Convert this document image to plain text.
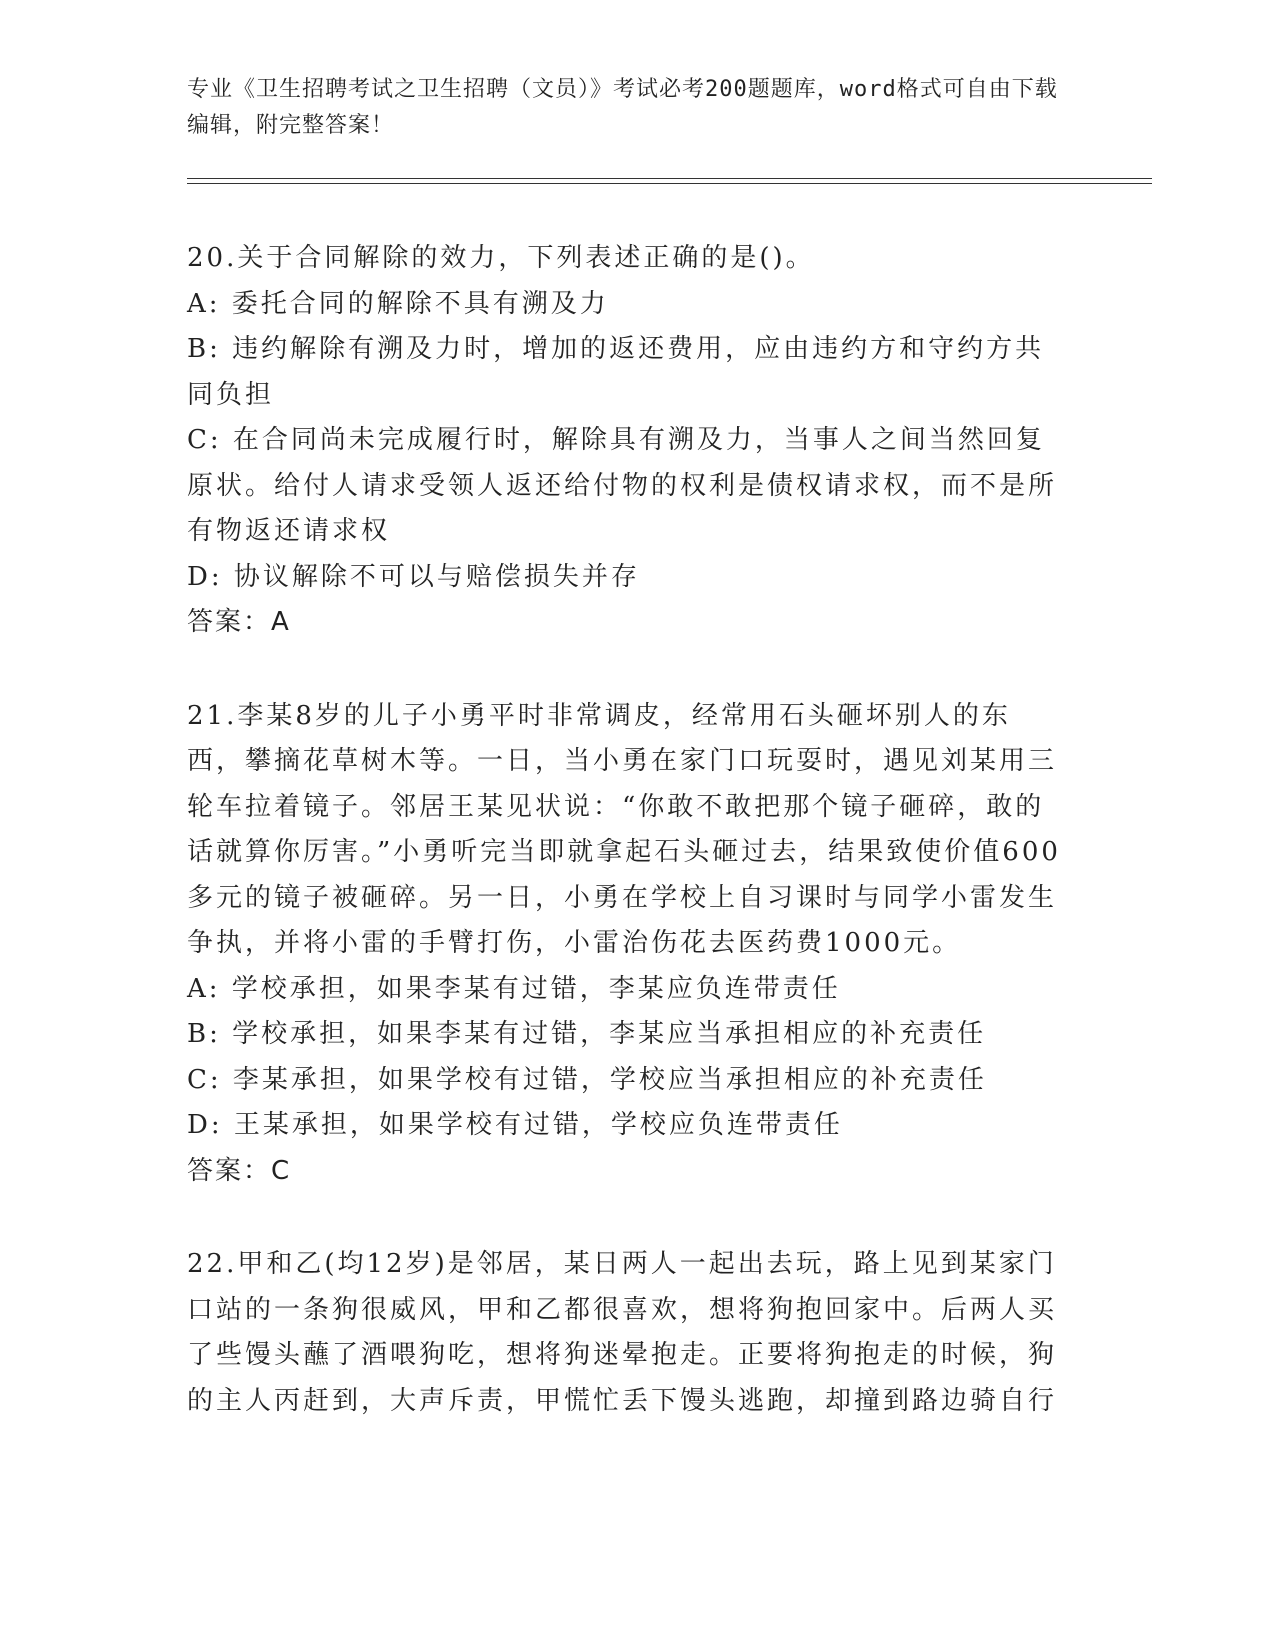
专业《卫生招聘考试之卫生招聘（文员）》考试必考200题题库，word格式可自由下载编辑，附完整答案！

20.关于合同解除的效力，下列表述正确的是()。

A: 委托合同的解除不具有溯及力

B: 违约解除有溯及力时，增加的返还费用，应由违约方和守约方共同负担

C: 在合同尚未完成履行时，解除具有溯及力，当事人之间当然回复原状。给付人请求受领人返还给付物的权利是债权请求权，而不是所有物返还请求权

D: 协议解除不可以与赔偿损失并存

答案：A

21.李某8岁的儿子小勇平时非常调皮，经常用石头砸坏别人的东西，攀摘花草树木等。一日，当小勇在家门口玩耍时，遇见刘某用三轮车拉着镜子。邻居王某见状说：“你敢不敢把那个镜子砸碎，敢的话就算你厉害。”小勇听完当即就拿起石头砸过去，结果致使价值600多元的镜子被砸碎。另一日，小勇在学校上自习课时与同学小雷发生争执，并将小雷的手臂打伤，小雷治伤花去医药费1000元。

A: 学校承担，如果李某有过错，李某应负连带责任

B: 学校承担，如果李某有过错，李某应当承担相应的补充责任

C: 李某承担，如果学校有过错，学校应当承担相应的补充责任

D: 王某承担，如果学校有过错，学校应负连带责任

答案：C

22.甲和乙(均12岁)是邻居，某日两人一起出去玩，路上见到某家门口站的一条狗很威风，甲和乙都很喜欢，想将狗抱回家中。后两人买了些馒头蘸了酒喂狗吃，想将狗迷晕抱走。正要将狗抱走的时候，狗的主人丙赶到，大声斥责，甲慌忙丢下馒头逃跑，却撞到路边骑自行
